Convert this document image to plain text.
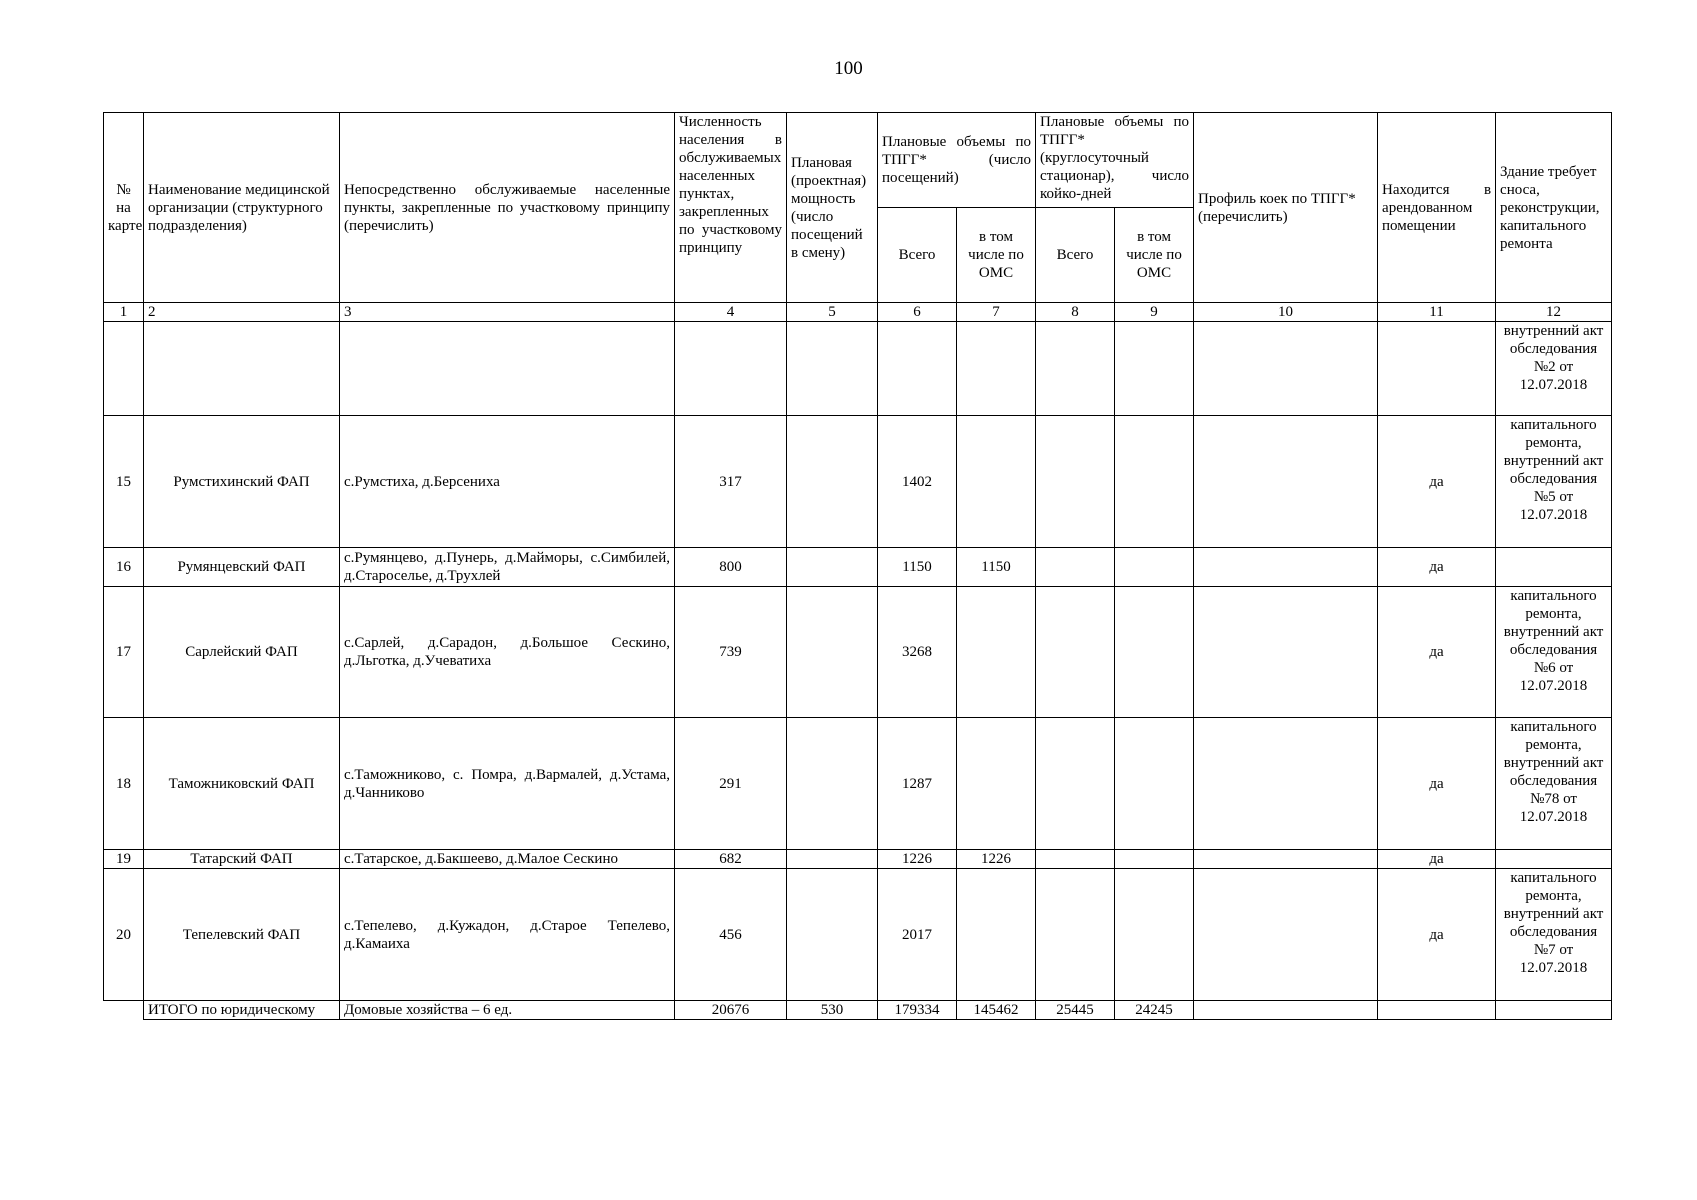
100
№ на карте	Наименование медицинской организации (структурного подразделения)	Непосредственно обслуживаемые населенные пункты, закрепленные по участковому принципу (перечислить)	Численность населения в обслуживаемых населенных пунктах, закрепленных по участковому принципу	Плановая (проектная) мощность (число посещений в смену)	Плановые объемы по ТПГГ* (число посещений)		Плановые объемы по ТПГГ* (круглосуточный стационар), число койко-дней		Профиль коек по ТПГГ* (перечислить)	Находится в арендованном помещении	Здание требует сноса, реконструкции, капитального ремонта
					Всего	в том числе по ОМС	Всего	в том числе по ОМС			
1	2	3	4	5	6	7	8	9	10	11	12
											внутренний акт обследования №2 от 12.07.2018
15	Румстихинский ФАП	с.Румстиха, д.Берсениха	317		1402					да	капитального ремонта, внутренний акт обследования №5 от 12.07.2018
16	Румянцевский ФАП	с.Румянцево, д.Пунерь, д.Майморы, с.Симбилей, д.Староселье, д.Трухлей	800		1150	1150				да	
17	Сарлейский ФАП	с.Сарлей, д.Сарадон, д.Большое Сескино, д.Льготка, д.Учеватиха	739		3268					да	капитального ремонта, внутренний акт обследования №6 от 12.07.2018
18	Таможниковский ФАП	с.Таможниково, с. Помра, д.Вармалей, д.Устама, д.Чанниково	291		1287					да	капитального ремонта, внутренний акт обследования №78 от 12.07.2018
19	Татарский ФАП	с.Татарское, д.Бакшеево, д.Малое Сескино	682		1226	1226				да	
20	Тепелевский ФАП	с.Тепелево, д.Кужадон, д.Старое Тепелево, д.Камаиха	456		2017					да	капитального ремонта, внутренний акт обследования №7 от 12.07.2018
	ИТОГО по юридическому	Домовые хозяйства – 6 ед.	20676	530	179334	145462	25445	24245			
